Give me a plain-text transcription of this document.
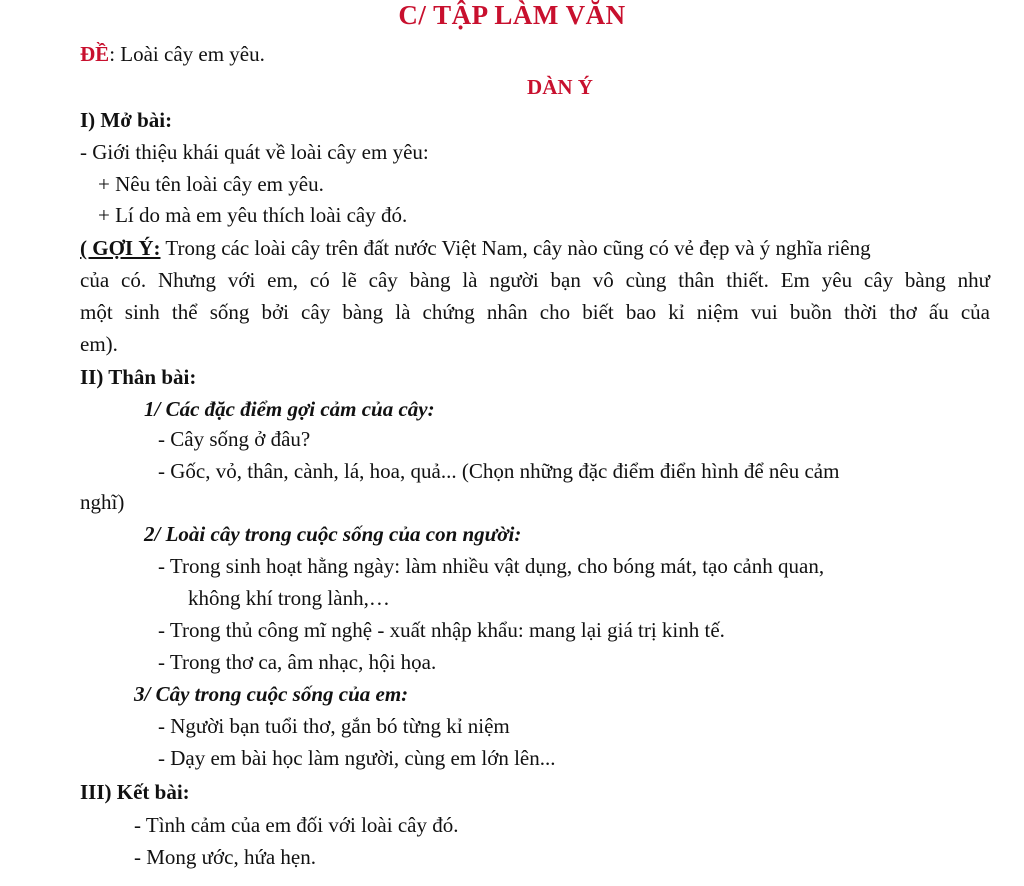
C/ TẬP LÀM VĂN
ĐỀ: Loài cây em yêu.
DÀN Ý
I) Mở bài:
- Giới thiệu khái quát về loài cây em yêu:
+ Nêu tên loài cây em yêu.
+ Lí do mà em yêu thích loài cây đó.
( GỢI Ý: Trong các loài cây trên đất nước Việt Nam, cây nào cũng có vẻ đẹp và ý nghĩa riêng
của có. Nhưng với em, có lẽ cây bàng là người bạn vô cùng thân thiết. Em yêu cây bàng như
một sinh thể sống bởi cây bàng là chứng nhân cho biết bao kỉ niệm vui buồn thời thơ ấu của
em).
II) Thân bài:
1/ Các đặc điểm gợi cảm của cây:
- Cây sống ở đâu?
- Gốc, vỏ, thân, cành, lá, hoa, quả... (Chọn những đặc điểm điển hình để nêu cảm
nghĩ)
2/ Loài cây trong cuộc sống của con người:
- Trong sinh hoạt hằng ngày: làm nhiều vật dụng, cho bóng mát, tạo cảnh quan,
không khí trong lành,…
- Trong thủ công mĩ nghệ - xuất nhập khẩu: mang lại giá trị kinh tế.
- Trong thơ ca, âm nhạc, hội họa.
3/ Cây trong cuộc sống của em:
- Người bạn tuổi thơ, gắn bó từng kỉ niệm
- Dạy em bài học làm người, cùng em lớn lên...
III) Kết bài:
- Tình cảm của em đối với loài cây đó.
- Mong ước, hứa hẹn.
